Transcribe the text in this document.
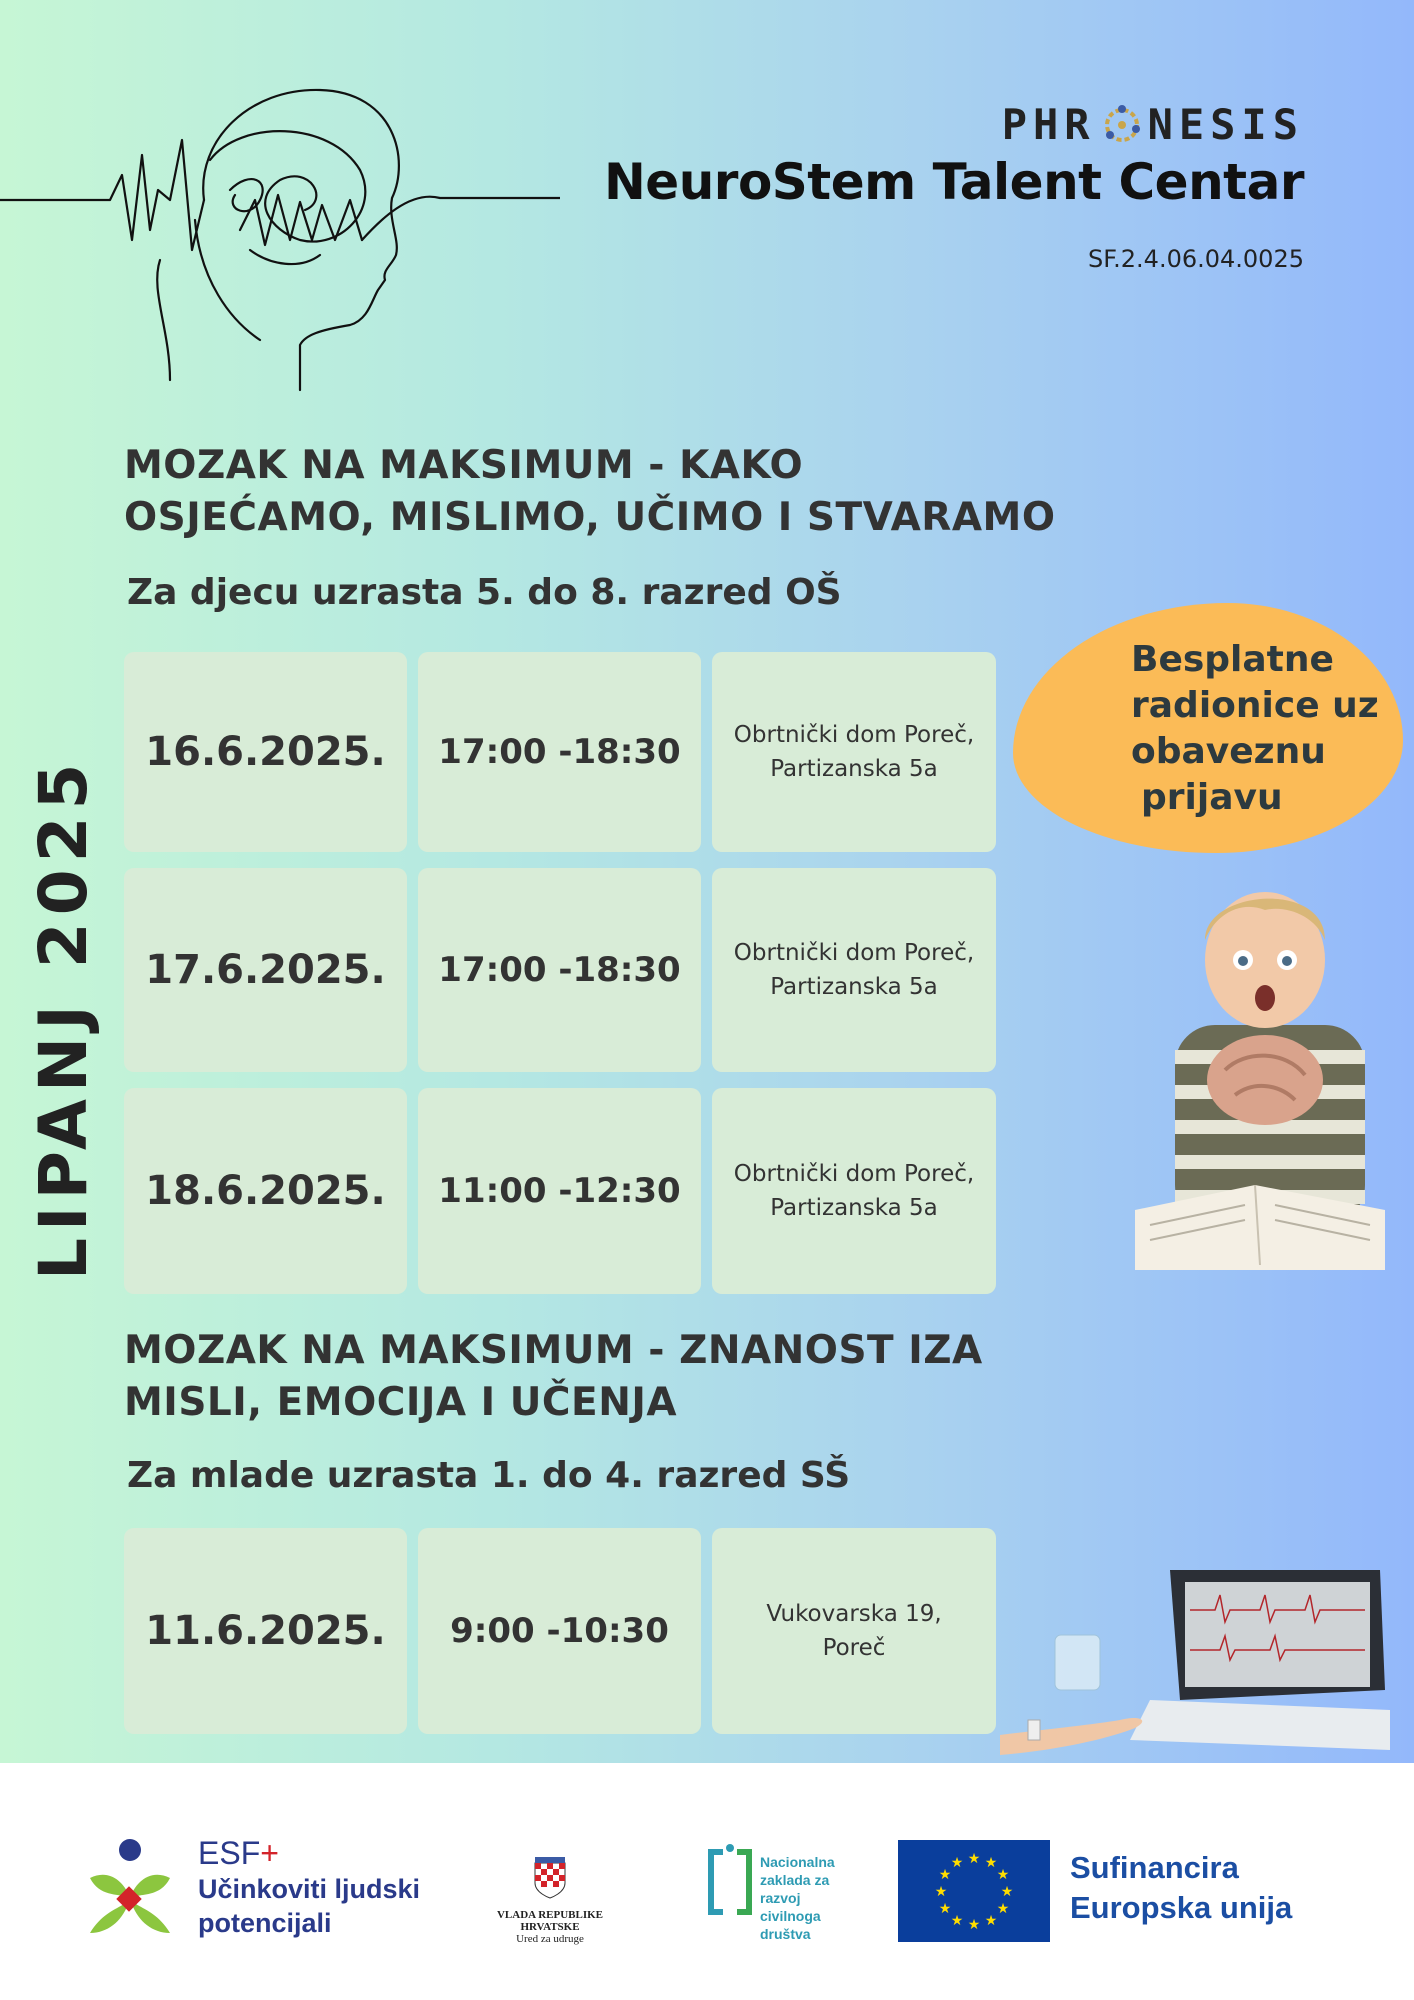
PHR NESIS
NeuroStem Talent Centar
SF.2.4.06.04.0025
MOZAK NA MAKSIMUM - KAKO
OSJEĆAMO, MISLIMO, UČIMO I STVARAMO
Za djecu uzrasta 5. do 8. razred OŠ
16.6.2025.	17:00 -18:30	Obrtnički dom Poreč,
Partizanska 5a
17.6.2025.	17:00 -18:30	Obrtnički dom Poreč,
Partizanska 5a
18.6.2025.	11:00 -12:30	Obrtnički dom Poreč,
Partizanska 5a
MOZAK NA MAKSIMUM - ZNANOST IZA
MISLI, EMOCIJA I UČENJA
Za mlade uzrasta 1. do 4. razred SŠ
11.6.2025.	9:00 -10:30	Vukovarska 19,
Poreč
LIPANJ 2025
Besplatne
radionice uz
obaveznu
prijavu
ESF+
Učinkoviti ljudski
potencijali	VLADA REPUBLIKE HRVATSKE
Ured za udruge
Nacionalna
zaklada za
razvoj
civilnoga
društva
★ ★
★
★
★
★
★
★
★
★
★
★	Sufinancira
Europska unija
